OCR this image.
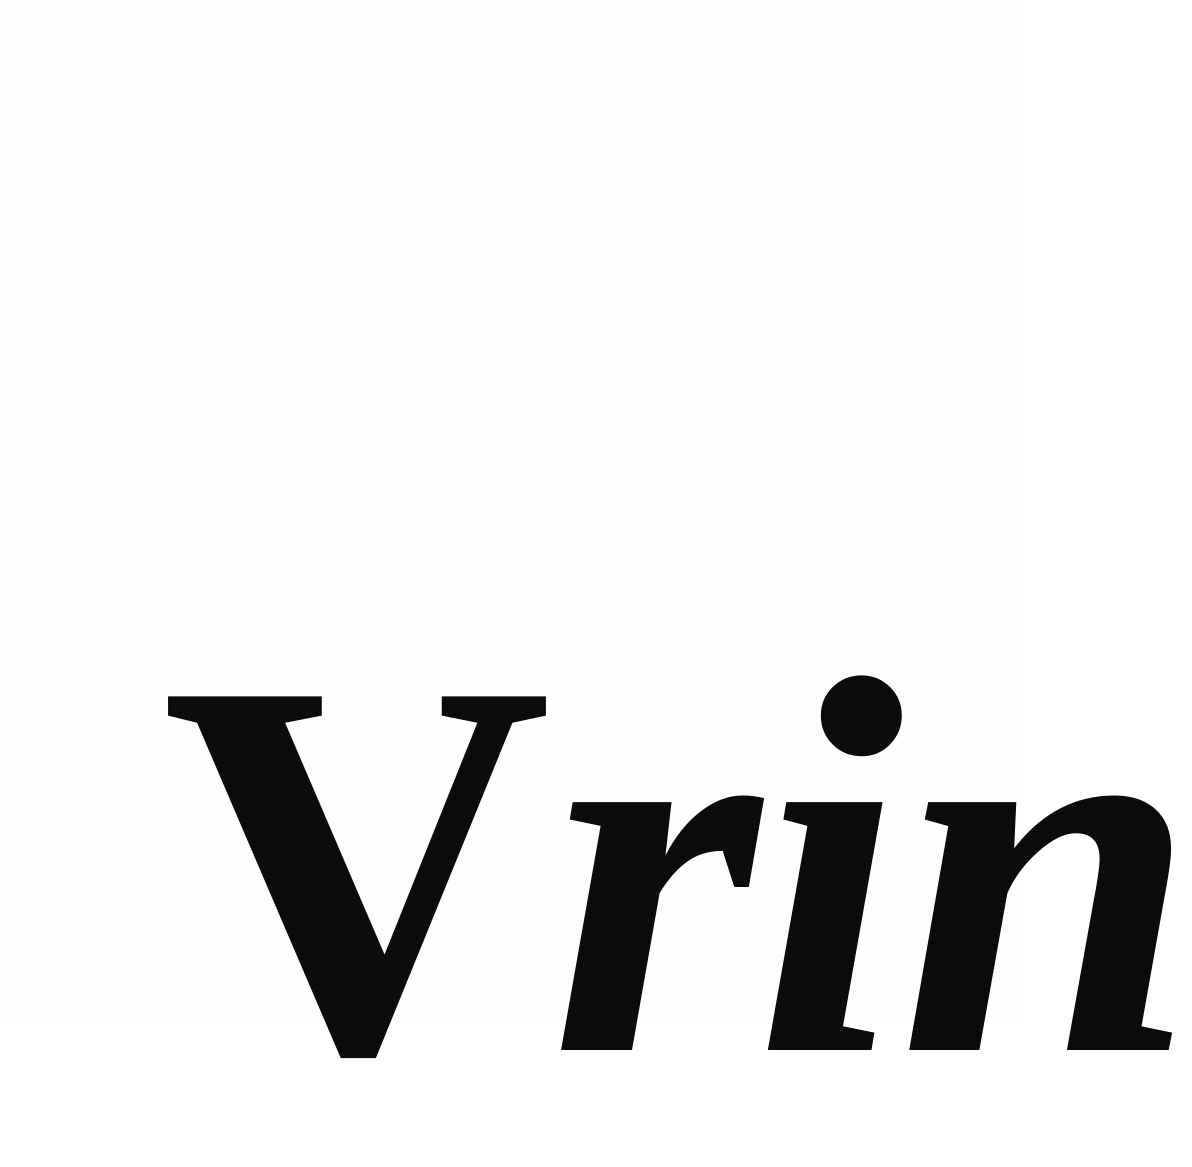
Vrin
